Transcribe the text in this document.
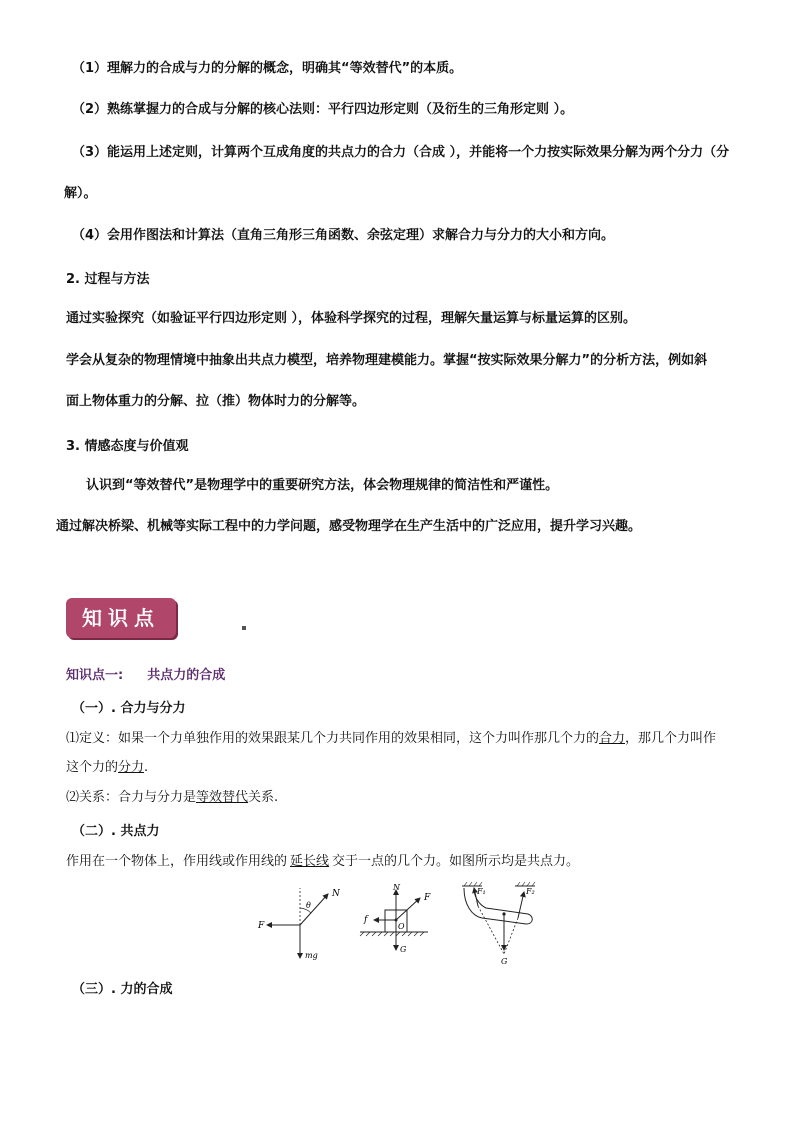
（1）理解力的合成与力的分解的概念，明确其“等效替代”的本质。
（2）熟练掌握力的合成与分解的核心法则：平行四边形定则（及衍生的三角形定则 ）。
（3）能运用上述定则，计算两个互成角度的共点力的合力（合成 ），并能将一个力按实际效果分解为两个分力（分
解）。
（4）会用作图法和计算法（直角三角形三角函数、余弦定理）求解合力与分力的大小和方向。
2. 过程与方法
通过实验探究（如验证平行四边形定则 ），体验科学探究的过程，理解矢量运算与标量运算的区别。
学会从复杂的物理情境中抽象出共点力模型，培养物理建模能力。掌握“按实际效果分解力”的分析方法，例如斜
面上物体重力的分解、拉（推）物体时力的分解等。
3. 情感态度与价值观
认识到“等效替代”是物理学中的重要研究方法，体会物理规律的简洁性和严谨性。
通过解决桥梁、机械等实际工程中的力学问题，感受物理学在生产生活中的广泛应用，提升学习兴趣。
知识点
知识点一: 共点力的合成
（一）. 合力与分力
⑴定义：如果一个力单独作用的效果跟某几个力共同作用的效果相同，这个力叫作那几个力的合力，那几个力叫作
这个力的分力.
⑵关系：合力与分力是等效替代关系.
（二）. 共点力
作用在一个物体上，作用线或作用线的 延长线 交于一点的几个力。如图所示均是共点力。
F
N
θ
mg
N
F
f
O
G
F₁	F₂
G
（三）. 力的合成
